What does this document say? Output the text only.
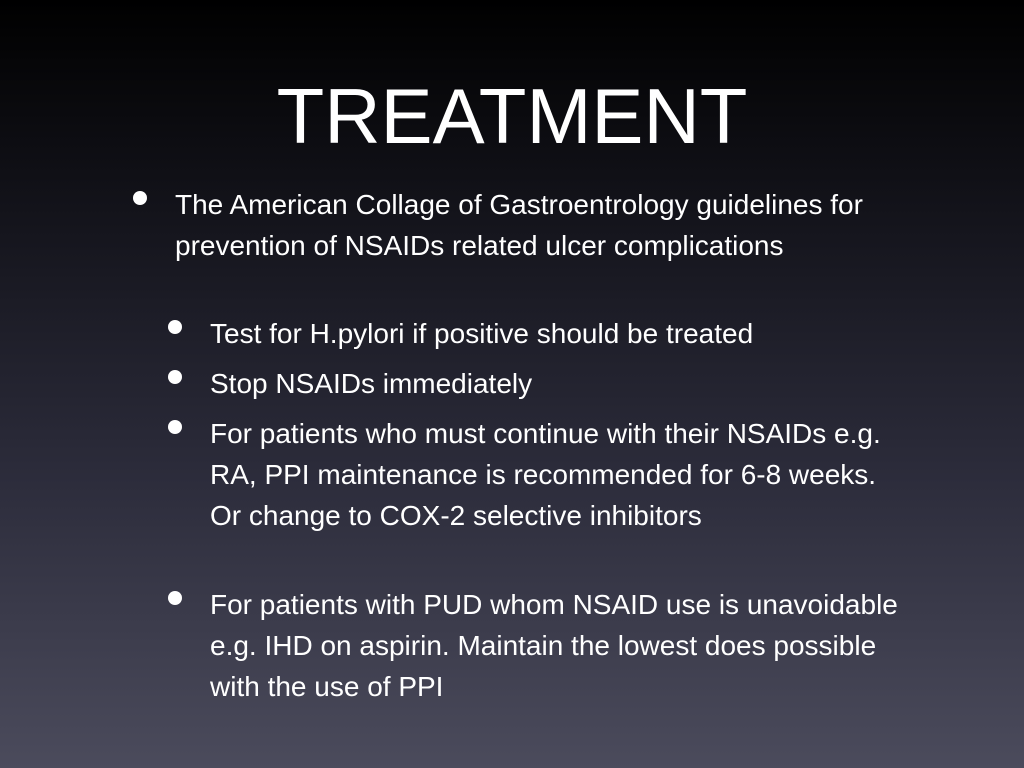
TREATMENT
The American Collage of Gastroentrology guidelines for prevention of NSAIDs related ulcer complications
Test for H.pylori if positive should be treated
Stop NSAIDs immediately
For patients who must continue with their NSAIDs e.g. RA, PPI maintenance is recommended for 6-8 weeks. Or change to COX-2 selective inhibitors
For patients with PUD whom NSAID use is unavoidable e.g. IHD on aspirin. Maintain the lowest does possible with the use of PPI
